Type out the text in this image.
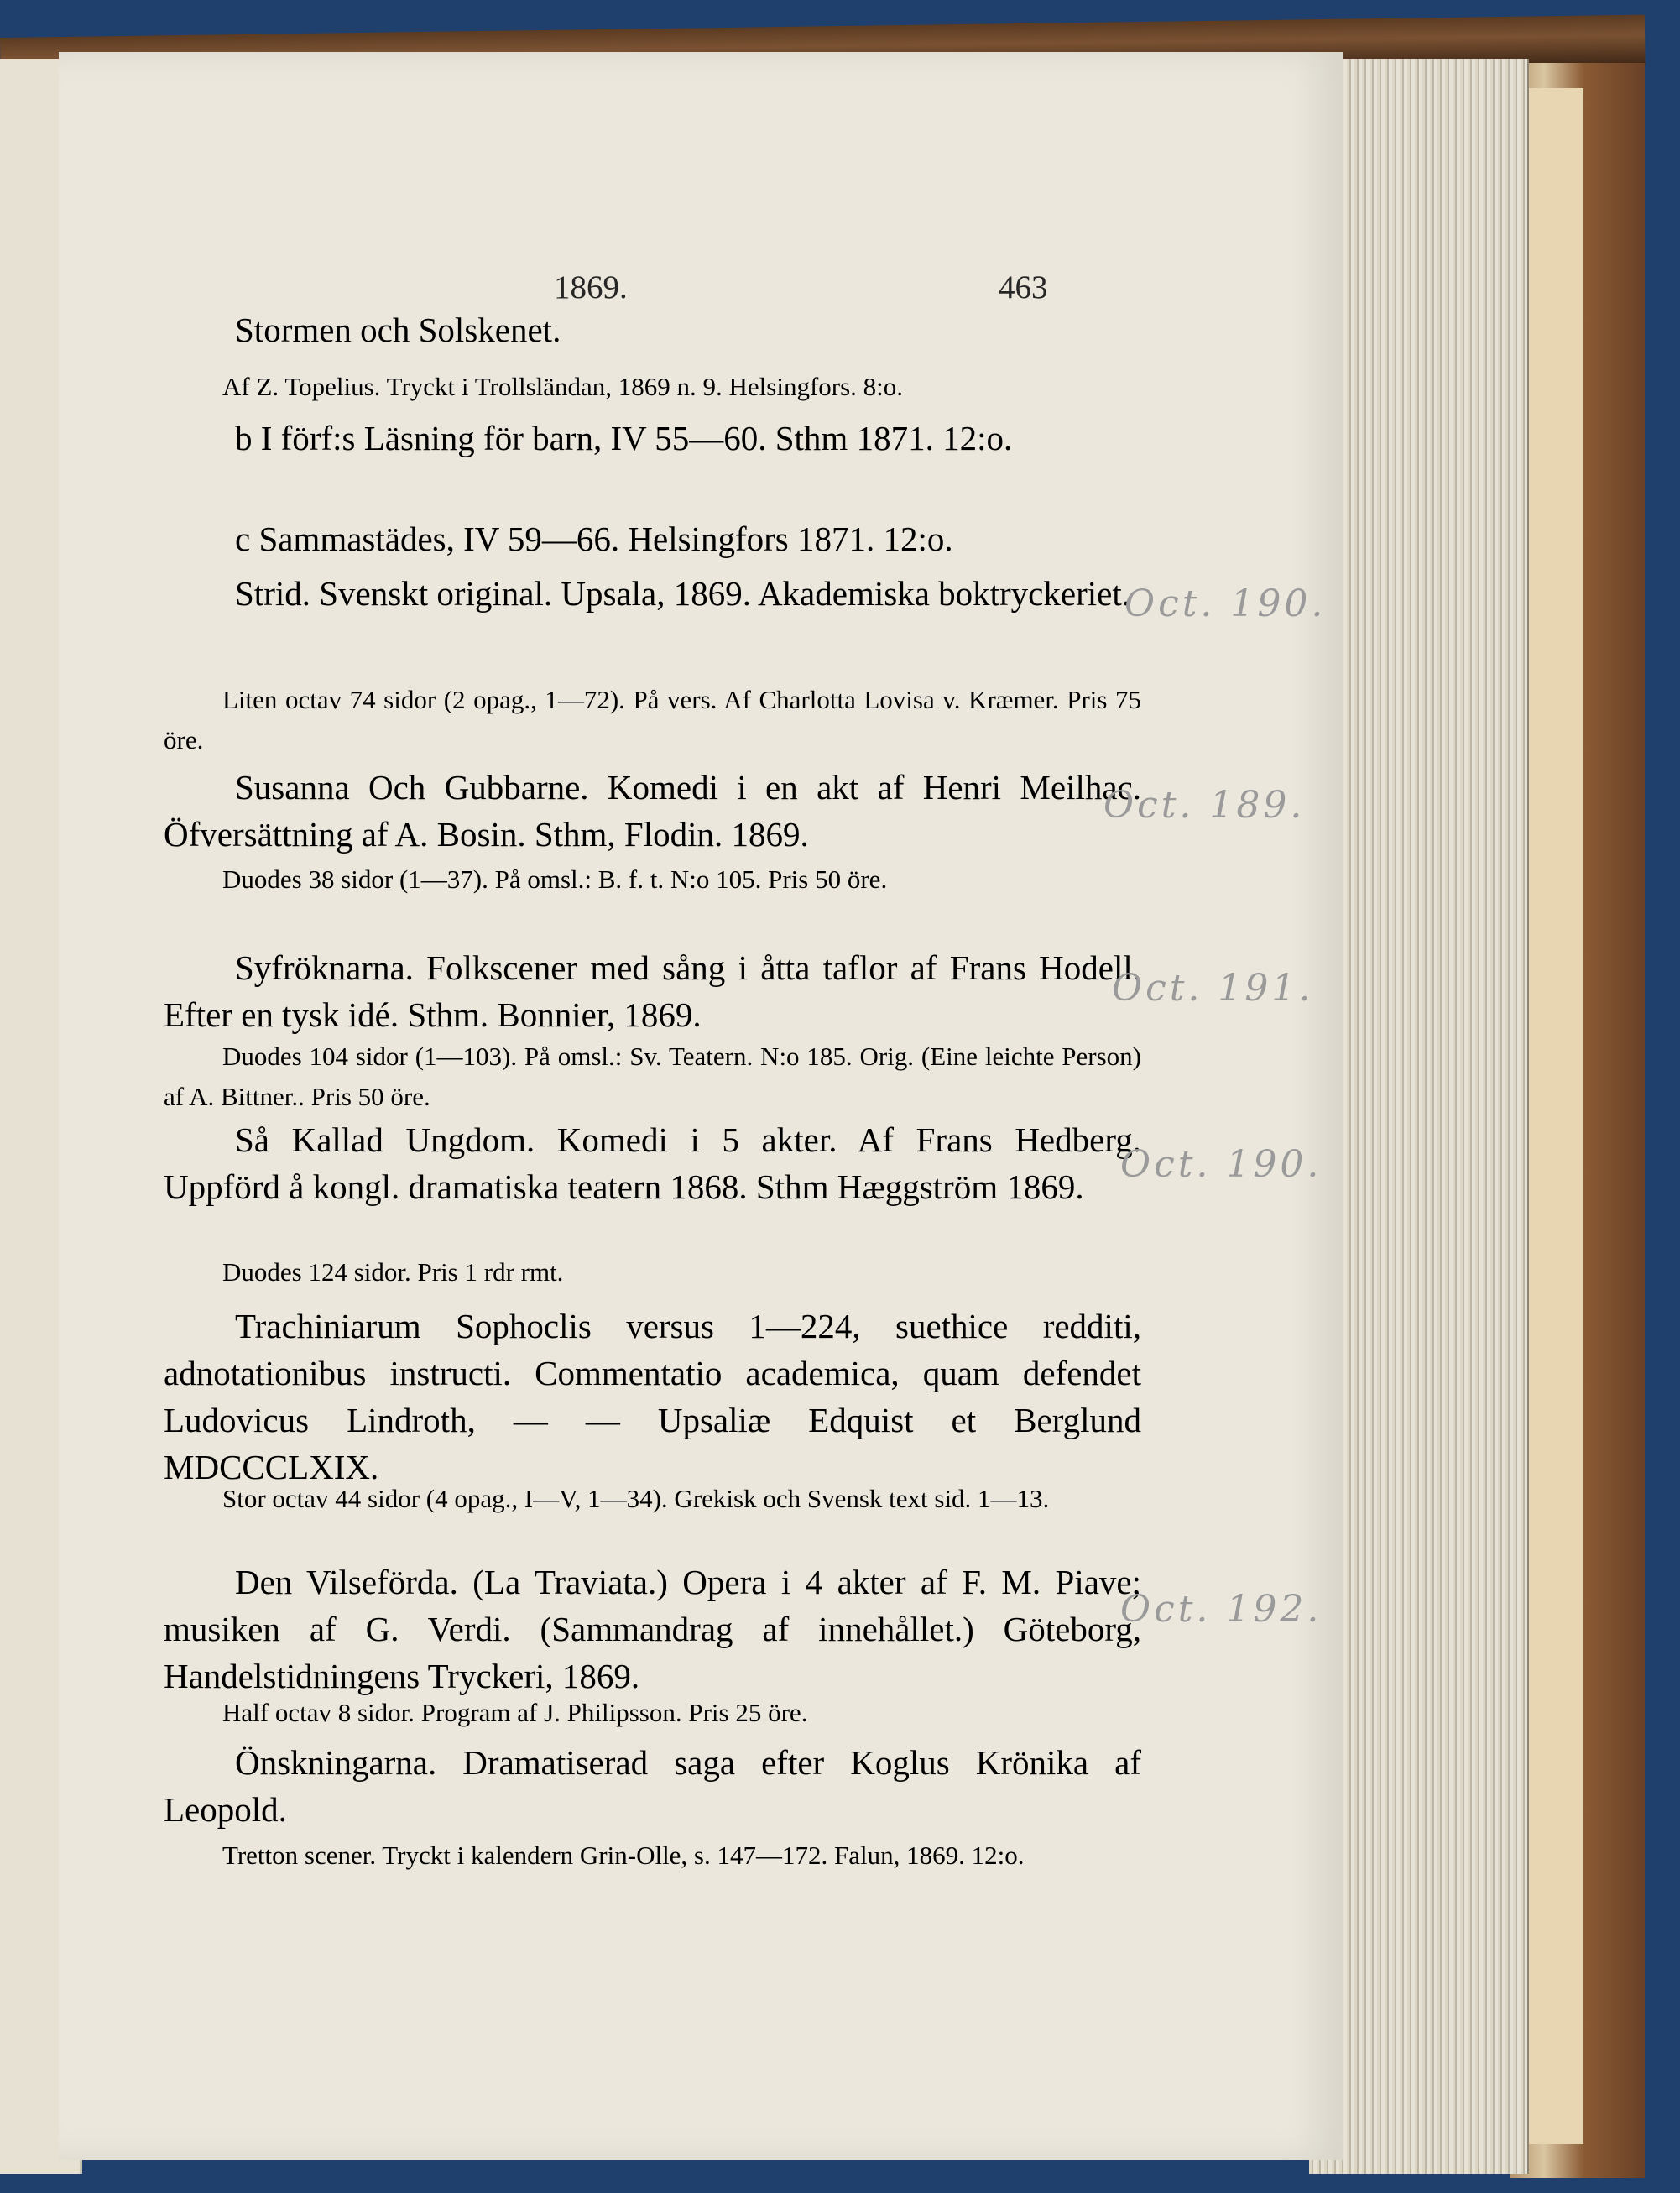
1869.	463
Stormen och Solskenet.
Af Z. Topelius. Tryckt i Trollsländan, 1869 n. 9. Helsingfors. 8:o.
b I förf:s Läsning för barn, IV 55—60. Sthm 1871. 12:o.
c Sammastädes, IV 59—66. Helsingfors 1871. 12:o.
Strid. Svenskt original. Upsala, 1869. Akademiska boktryckeriet.
Liten octav 74 sidor (2 opag., 1—72). På vers. Af Charlotta Lovisa v. Kræmer. Pris 75 öre.
Oct. 190.
Susanna Och Gubbarne. Komedi i en akt af Henri Meilhac. Öfversättning af A. Bosin. Sthm, Flodin. 1869.
Duodes 38 sidor (1—37). På omsl.: B. f. t. N:o 105. Pris 50 öre.
Oct. 189.
Syfröknarna. Folkscener med sång i åtta taflor af Frans Hodell. Efter en tysk idé. Sthm. Bonnier, 1869.
Duodes 104 sidor (1—103). På omsl.: Sv. Teatern. N:o 185. Orig. (Eine leichte Person) af A. Bittner.. Pris 50 öre.
Oct. 191.
Så Kallad Ungdom. Komedi i 5 akter. Af Frans Hedberg. Uppförd å kongl. dramatiska teatern 1868. Sthm Hæggström 1869.
Duodes 124 sidor. Pris 1 rdr rmt.
Oct. 190.
Trachiniarum Sophoclis versus 1—224, suethice redditi, adnotationibus instructi. Commentatio academica, quam defendet Ludovicus Lindroth, — — Upsaliæ Edquist et Berglund MDCCCLXIX.
Stor octav 44 sidor (4 opag., I—V, 1—34). Grekisk och Svensk text sid. 1—13.
Den Vilseförda. (La Traviata.) Opera i 4 akter af F. M. Piave; musiken af G. Verdi. (Sammandrag af innehållet.) Göteborg, Handelstidningens Tryckeri, 1869.
Half octav 8 sidor. Program af J. Philipsson. Pris 25 öre.
Oct. 192.
Önskningarna. Dramatiserad saga efter Koglus Krönika af Leopold.
Tretton scener. Tryckt i kalendern Grin-Olle, s. 147—172. Falun, 1869. 12:o.
